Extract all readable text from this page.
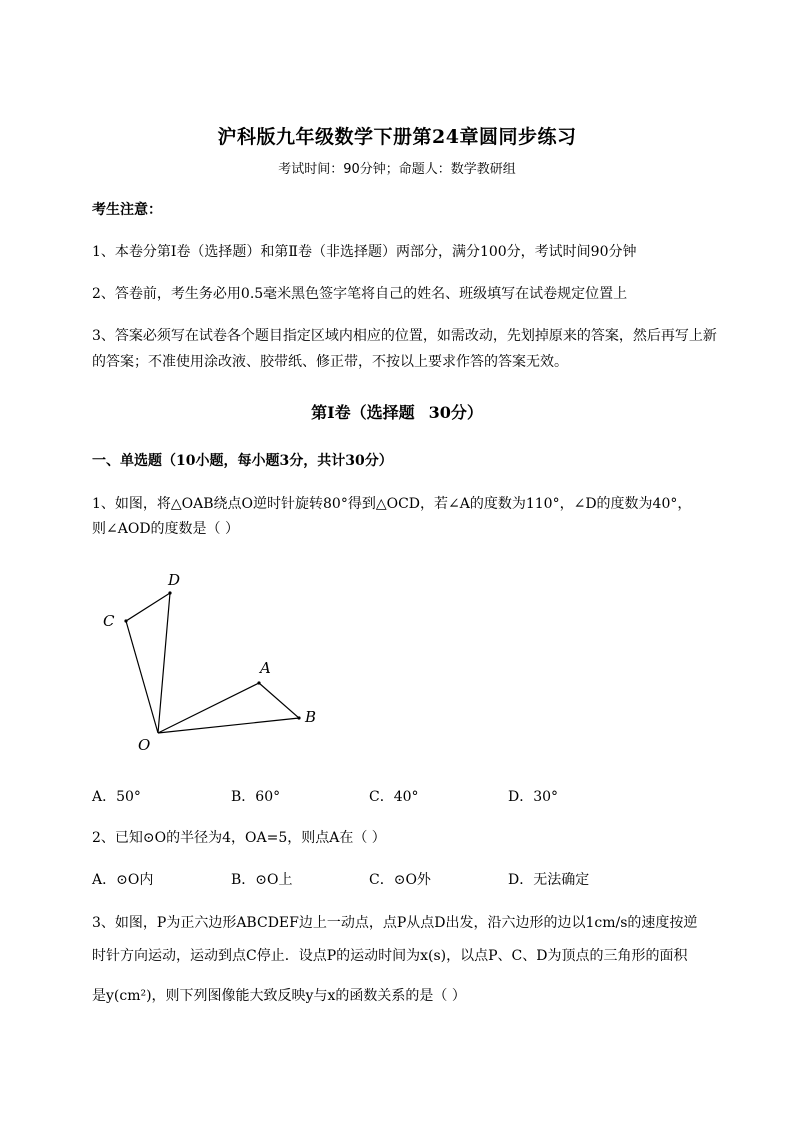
沪科版九年级数学下册第24章圆同步练习
考试时间：90分钟；命题人：数学教研组
考生注意：
1、本卷分第I卷（选择题）和第Ⅱ卷（非选择题）两部分，满分100分，考试时间90分钟
2、答卷前，考生务必用0.5毫米黑色签字笔将自己的姓名、班级填写在试卷规定位置上
3、答案必须写在试卷各个题目指定区域内相应的位置，如需改动，先划掉原来的答案，然后再写上新
的答案；不准使用涂改液、胶带纸、修正带，不按以上要求作答的答案无效。
第I卷（选择题 30分）
一、单选题（10小题，每小题3分，共计30分）
1、如图，将△OAB绕点O逆时针旋转80°得到△OCD，若∠A的度数为110°，∠D的度数为40°，
则∠AOD的度数是（ ）
D
C
A
B
O
A．50°	B．60°	C．40°	D．30°
2、已知⊙O的半径为4，OA=5，则点A在（ ）
A．⊙O内	B．⊙O上	C．⊙O外	D．无法确定
3、如图，P为正六边形ABCDEF边上一动点，点P从点D出发，沿六边形的边以1cm/s的速度按逆
时针方向运动，运动到点C停止．设点P的运动时间为x(s)，以点P、C、D为顶点的三角形的面积
是y(cm²)，则下列图像能大致反映y与x的函数关系的是（ ）
